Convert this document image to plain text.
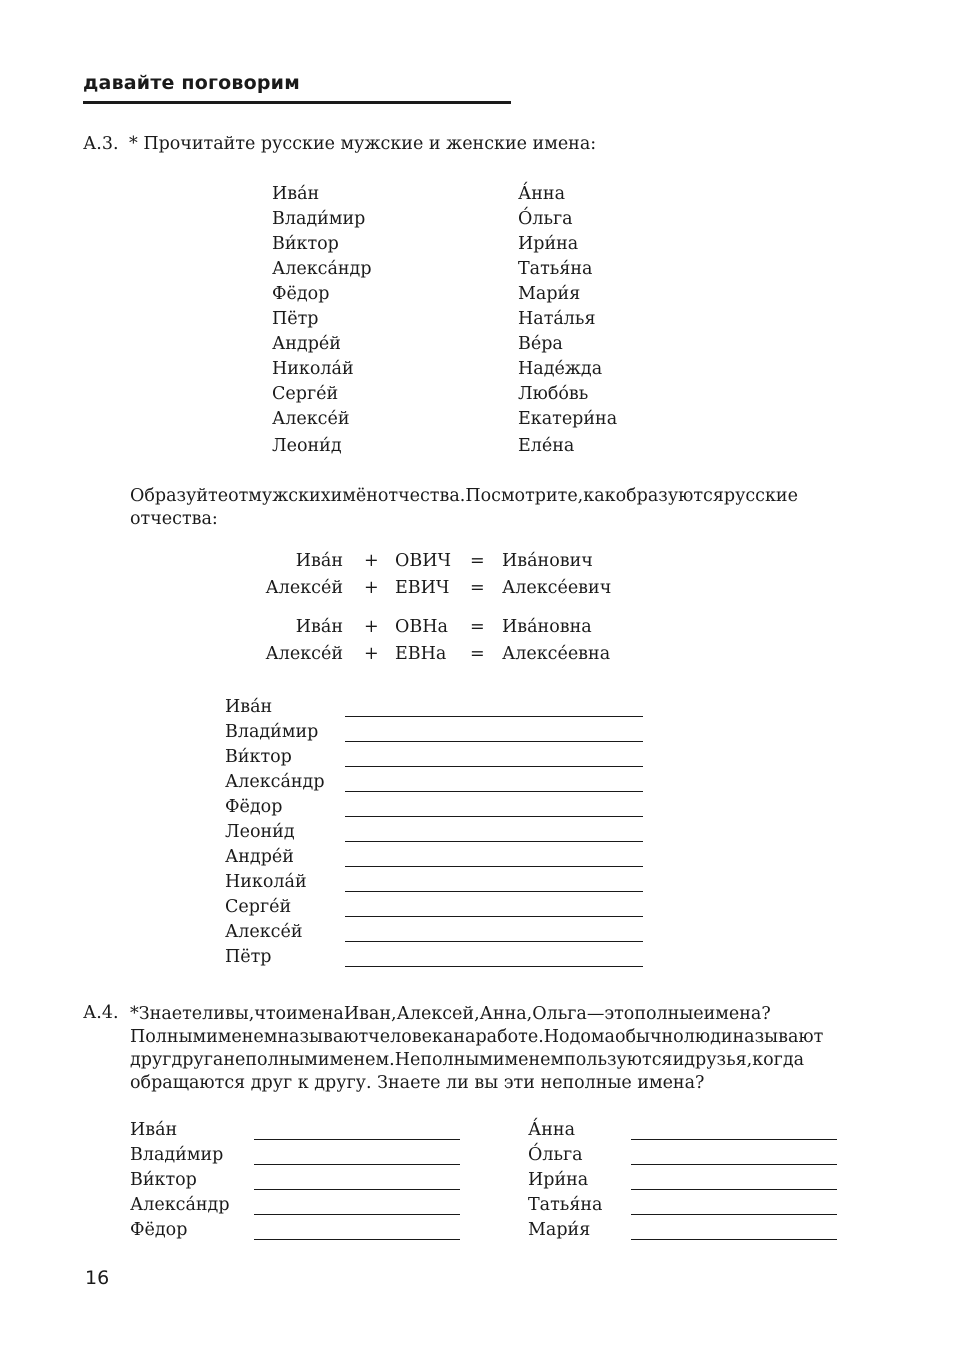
давайте поговорим
А.3. * Прочитайте русские мужские и женские имена:
Ива́н
Влади́мир
Ви́ктор
Алекса́ндр
Фёдор
Пётр
Андре́й
Никола́й
Серге́й
Алексе́й
Леони́д
А́нна
О́льга
Ири́на
Татья́на
Мари́я
Ната́лья
Ве́ра
Наде́жда
Любо́вь
Екатери́на
Еле́на
Образуйтеотмужскихимёнотчества.Посмотрите,какобразуютсярусские
отчества:
Ива́н + ОВИЧ = Ива́нович
Алексе́й + ЕВИЧ = Алексе́евич
Ива́н + ОВНа = Ива́новна
Алексе́й + ЕВНа = Алексе́евна
Ива́н
Влади́мир
Ви́ктор
Алекса́ндр
Фёдор
Леони́д
Андре́й
Никола́й
Серге́й
Алексе́й
Пётр
А.4. *Знаетеливы,чтоименаИван,Алексей,Анна,Ольга—этополныеимена?
Полнымименемназываютчеловеканаработе.Нодомаобычнолюдиназывают
другдруганеполнымименем.Неполнымименемпользуютсяидрузья,когда
обращаются друг к другу. Знаете ли вы эти неполные имена?
Ива́н
Влади́мир
Ви́ктор
Алекса́ндр
Фёдор
А́нна
О́льга
Ири́на
Татья́на
Мари́я
16
